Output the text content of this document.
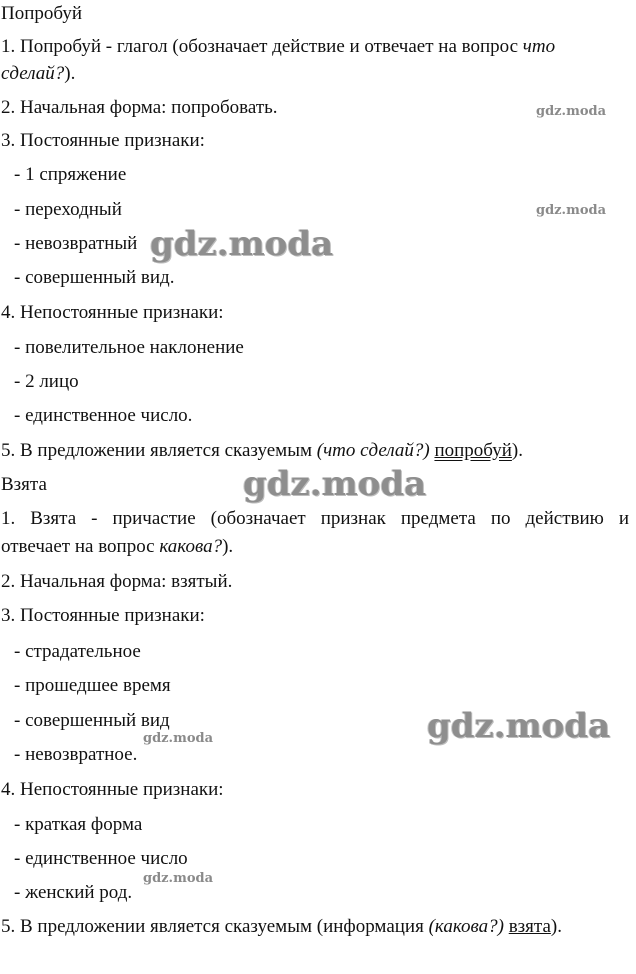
Попробуй
1. Попробуй - глагол (обозначает действие и отвечает на вопрос что
сделай?).
2. Начальная форма: попробовать.
3. Постоянные признаки:
- 1 спряжение
- переходный
- невозвратный
- совершенный вид.
4. Непостоянные признаки:
- повелительное наклонение
- 2 лицо
- единственное число.
5. В предложении является сказуемым (что сделай?) попробуй).
Взята
1. Взята - причастие (обозначает признак предмета по действию и
отвечает на вопрос какова?).
2. Начальная форма: взятый.
3. Постоянные признаки:
- страдательное
- прошедшее время
- совершенный вид
- невозвратное.
4. Непостоянные признаки:
- краткая форма
- единственное число
- женский род.
5. В предложении является сказуемым (информация (какова?) взята).
gdz.moda
gdz.moda
gdz.moda
gdz.moda
gdz.moda
gdz.moda
gdz.moda
